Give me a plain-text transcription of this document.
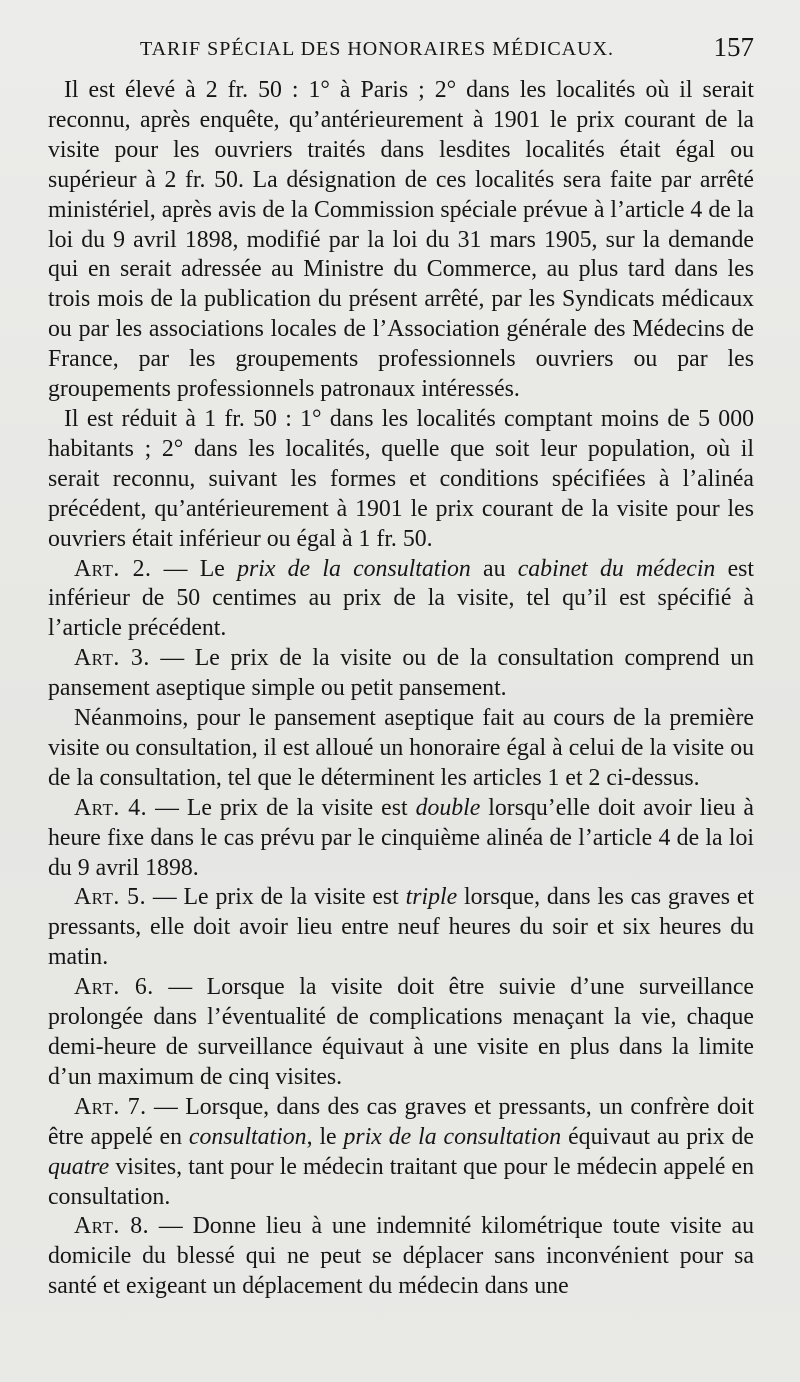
TARIF SPÉCIAL DES HONORAIRES MÉDICAUX.	157

Il est élevé à 2 fr. 50 : 1° à Paris ; 2° dans les localités où il serait reconnu, après enquête, qu’antérieurement à 1901 le prix courant de la visite pour les ouvriers traités dans lesdites localités était égal ou supérieur à 2 fr. 50. La désignation de ces localités sera faite par arrêté ministériel, après avis de la Commission spéciale prévue à l’article 4 de la loi du 9 avril 1898, modifié par la loi du 31 mars 1905, sur la demande qui en serait adressée au Ministre du Commerce, au plus tard dans les trois mois de la publication du présent arrêté, par les Syndicats médicaux ou par les associations locales de l’Association générale des Médecins de France, par les groupements professionnels ouvriers ou par les groupements professionnels patronaux intéressés.

Il est réduit à 1 fr. 50 : 1° dans les localités comptant moins de 5 000 habitants ; 2° dans les localités, quelle que soit leur population, où il serait reconnu, suivant les formes et conditions spécifiées à l’alinéa précédent, qu’antérieurement à 1901 le prix courant de la visite pour les ouvriers était inférieur ou égal à 1 fr. 50.

Art. 2. — Le prix de la consultation au cabinet du médecin est inférieur de 50 centimes au prix de la visite, tel qu’il est spécifié à l’article précédent.

Art. 3. — Le prix de la visite ou de la consultation comprend un pansement aseptique simple ou petit pansement.

Néanmoins, pour le pansement aseptique fait au cours de la première visite ou consultation, il est alloué un honoraire égal à celui de la visite ou de la consultation, tel que le déterminent les articles 1 et 2 ci-dessus.

Art. 4. — Le prix de la visite est double lorsqu’elle doit avoir lieu à heure fixe dans le cas prévu par le cinquième alinéa de l’article 4 de la loi du 9 avril 1898.

Art. 5. — Le prix de la visite est triple lorsque, dans les cas graves et pressants, elle doit avoir lieu entre neuf heures du soir et six heures du matin.

Art. 6. — Lorsque la visite doit être suivie d’une surveillance prolongée dans l’éventualité de complications menaçant la vie, chaque demi-heure de surveillance équivaut à une visite en plus dans la limite d’un maximum de cinq visites.

Art. 7. — Lorsque, dans des cas graves et pressants, un confrère doit être appelé en consultation, le prix de la consultation équivaut au prix de quatre visites, tant pour le médecin traitant que pour le médecin appelé en consultation.

Art. 8. — Donne lieu à une indemnité kilométrique toute visite au domicile du blessé qui ne peut se déplacer sans inconvénient pour sa santé et exigeant un déplacement du médecin dans une
